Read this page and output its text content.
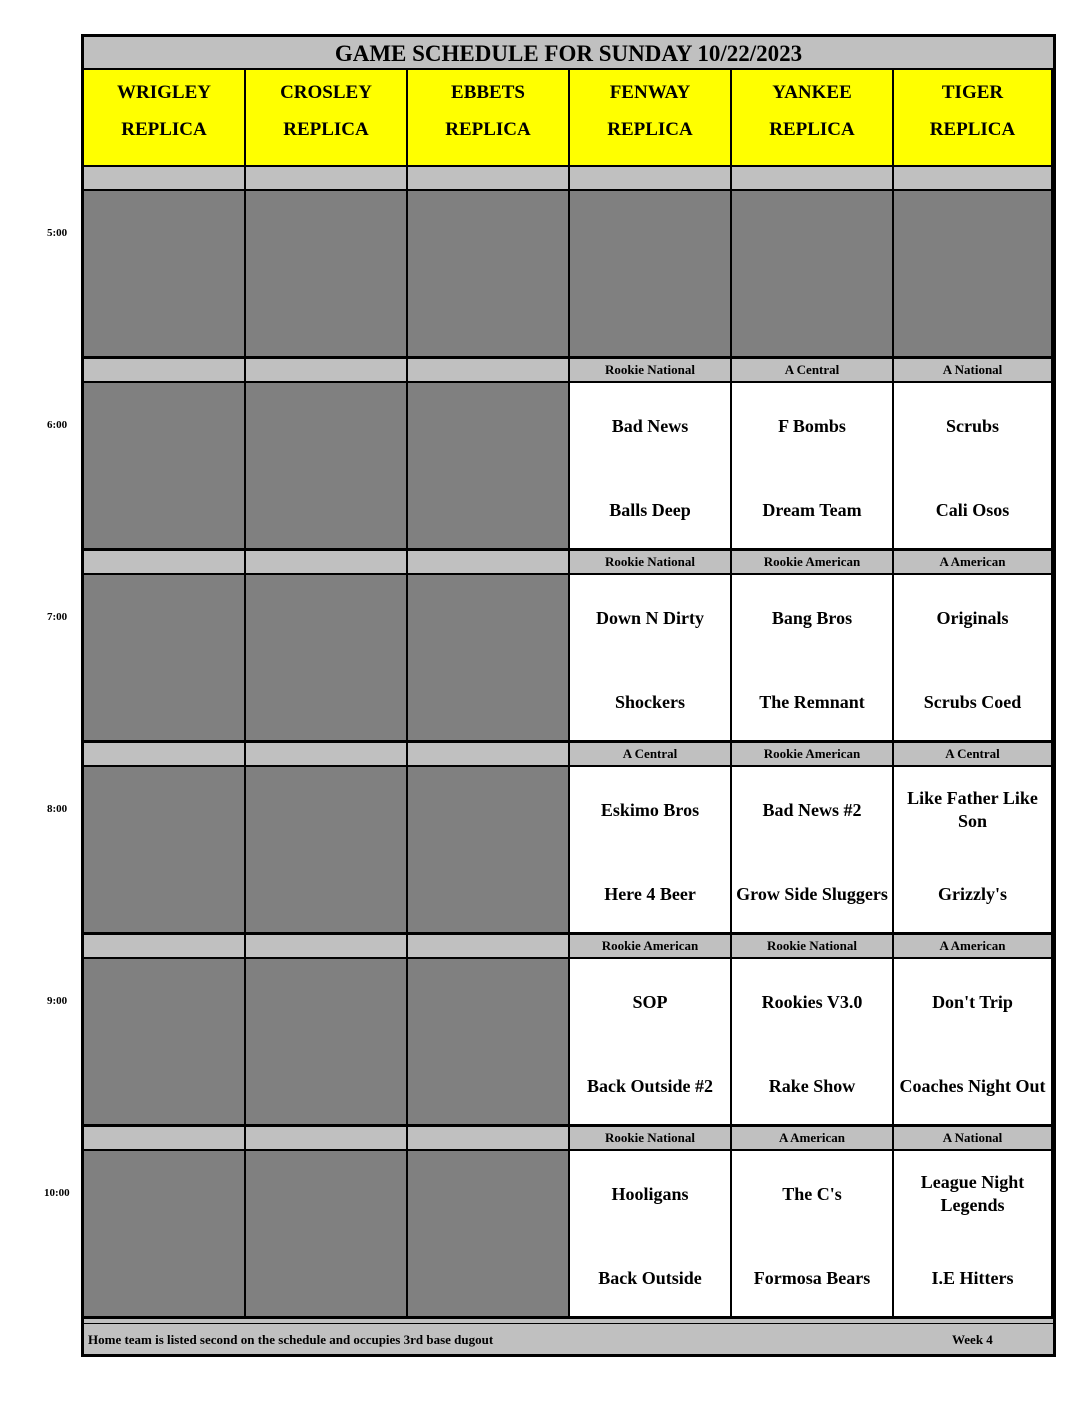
GAME SCHEDULE FOR SUNDAY 10/22/2023
WRIGLEY
REPLICA
CROSLEY
REPLICA
EBBETS
REPLICA
FENWAY
REPLICA
YANKEE
REPLICA
TIGER
REPLICA
Rookie National
Bad News
Balls Deep
A Central
F Bombs
Dream Team
A National
Scrubs
Cali Osos
Rookie National
Down N Dirty
Shockers
Rookie American
Bang Bros
The Remnant
A American
Originals
Scrubs Coed
A Central
Eskimo Bros
Here 4 Beer
Rookie American
Bad News #2
Grow Side Sluggers
A Central
Like Father Like Son
Grizzly's
Rookie American
SOP
Back Outside #2
Rookie National
Rookies V3.0
Rake Show
A American
Don't Trip
Coaches Night Out
Rookie National
Hooligans
Back Outside
A American
The C's
Formosa Bears
A National
League Night Legends
I.E Hitters
Home team is listed second on the schedule and occupies 3rd base dugout	Week 4
5:00
6:00
7:00
8:00
9:00
10:00
